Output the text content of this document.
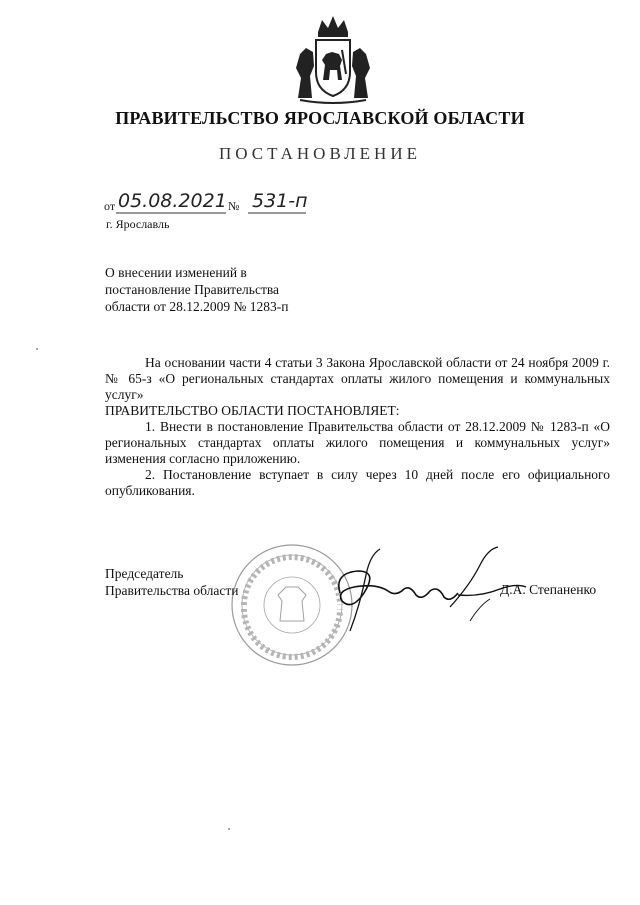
ПРАВИТЕЛЬСТВО ЯРОСЛАВСКОЙ ОБЛАСТИ
ПОСТАНОВЛЕНИЕ
от 05.08.2021 № 531-п
г. Ярославль
О внесении изменений в
постановление Правительства
области от 28.12.2009 № 1283-п

На основании части 4 статьи 3 Закона Ярославской области от 24 ноября 2009 г. № 65-з «О региональных стандартах оплаты жилого помещения и коммунальных услуг»

ПРАВИТЕЛЬСТВО ОБЛАСТИ ПОСТАНОВЛЯЕТ:

1. Внести в постановление Правительства области от 28.12.2009 № 1283-п «О региональных стандартах оплаты жилого помещения и коммунальных услуг» изменения согласно приложению.

2. Постановление вступает в силу через 10 дней после его официального опубликования.

Председатель
Правительства области	Д.А. Степаненко
